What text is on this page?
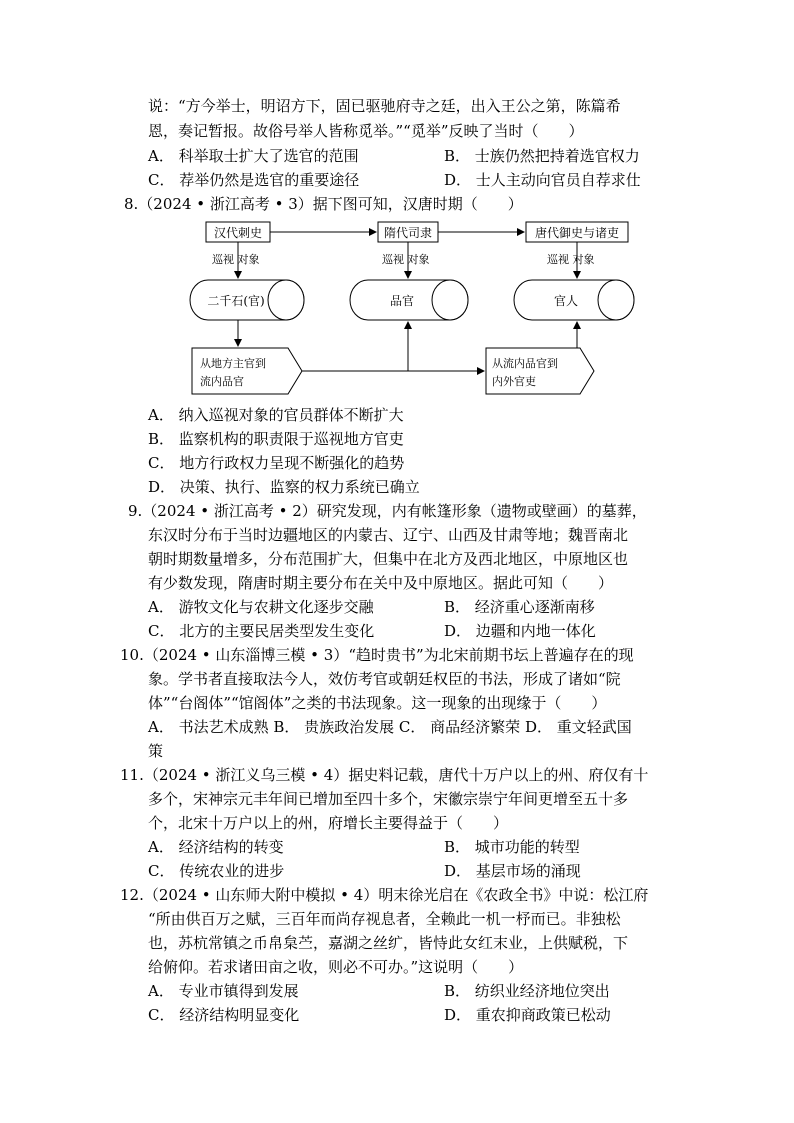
说：“方今举士，明诏方下，固已驱驰府寺之廷，出入王公之第，陈篇希
恩，奏记暂报。故俗号举人皆称觅举。”“觅举”反映了当时（　　）
A． 科举取士扩大了选官的范围	B． 士族仍然把持着选官权力
C． 荐举仍然是选官的重要途径	D． 士人主动向官员自荐求仕
8.（2024 • 浙江高考 • 3）据下图可知，汉唐时期（　　）
汉代刺史	隋代司隶	唐代御史与诸吏
巡视 对象	巡视 对象	巡视 对象
二千石(官)	品官	官人
从地方主官到
流内品官
从流内品官到
内外官吏
A． 纳入巡视对象的官员群体不断扩大
B． 监察机构的职责限于巡视地方官吏
C． 地方行政权力呈现不断强化的趋势
D． 决策、执行、监察的权力系统已确立
9.（2024 • 浙江高考 • 2）研究发现，内有帐篷形象（遗物或壁画）的墓葬，
东汉时分布于当时边疆地区的内蒙古、辽宁、山西及甘肃等地；魏晋南北
朝时期数量增多，分布范围扩大，但集中在北方及西北地区，中原地区也
有少数发现，隋唐时期主要分布在关中及中原地区。据此可知（　　）
A． 游牧文化与农耕文化逐步交融	B． 经济重心逐渐南移
C． 北方的主要民居类型发生变化	D． 边疆和内地一体化
10.（2024 • 山东淄博三模 • 3）“趋时贵书”为北宋前期书坛上普遍存在的现
象。学书者直接取法今人，效仿考官或朝廷权臣的书法，形成了诸如“院
体”“台阁体”“馆阁体”之类的书法现象。这一现象的出现缘于（　　）
A． 书法艺术成熟 B． 贵族政治发展 C． 商品经济繁荣 D． 重文轻武国
策
11.（2024 • 浙江义乌三模 • 4）据史料记载，唐代十万户以上的州、府仅有十
多个，宋神宗元丰年间已增加至四十多个，宋徽宗崇宁年间更增至五十多
个，北宋十万户以上的州，府增长主要得益于（　　）
A． 经济结构的转变	B． 城市功能的转型
C． 传统农业的进步	D． 基层市场的涌现
12.（2024 • 山东师大附中模拟 • 4）明末徐光启在《农政全书》中说：松江府
“所由供百万之赋，三百年而尚存视息者，全赖此一机一杼而已。非独松
也，苏杭常镇之币帛枲苎，嘉湖之丝纩，皆恃此女红末业，上供赋税，下
给俯仰。若求诸田亩之收，则必不可办。”这说明（　　）
A． 专业市镇得到发展	B． 纺织业经济地位突出
C． 经济结构明显变化	D． 重农抑商政策已松动
